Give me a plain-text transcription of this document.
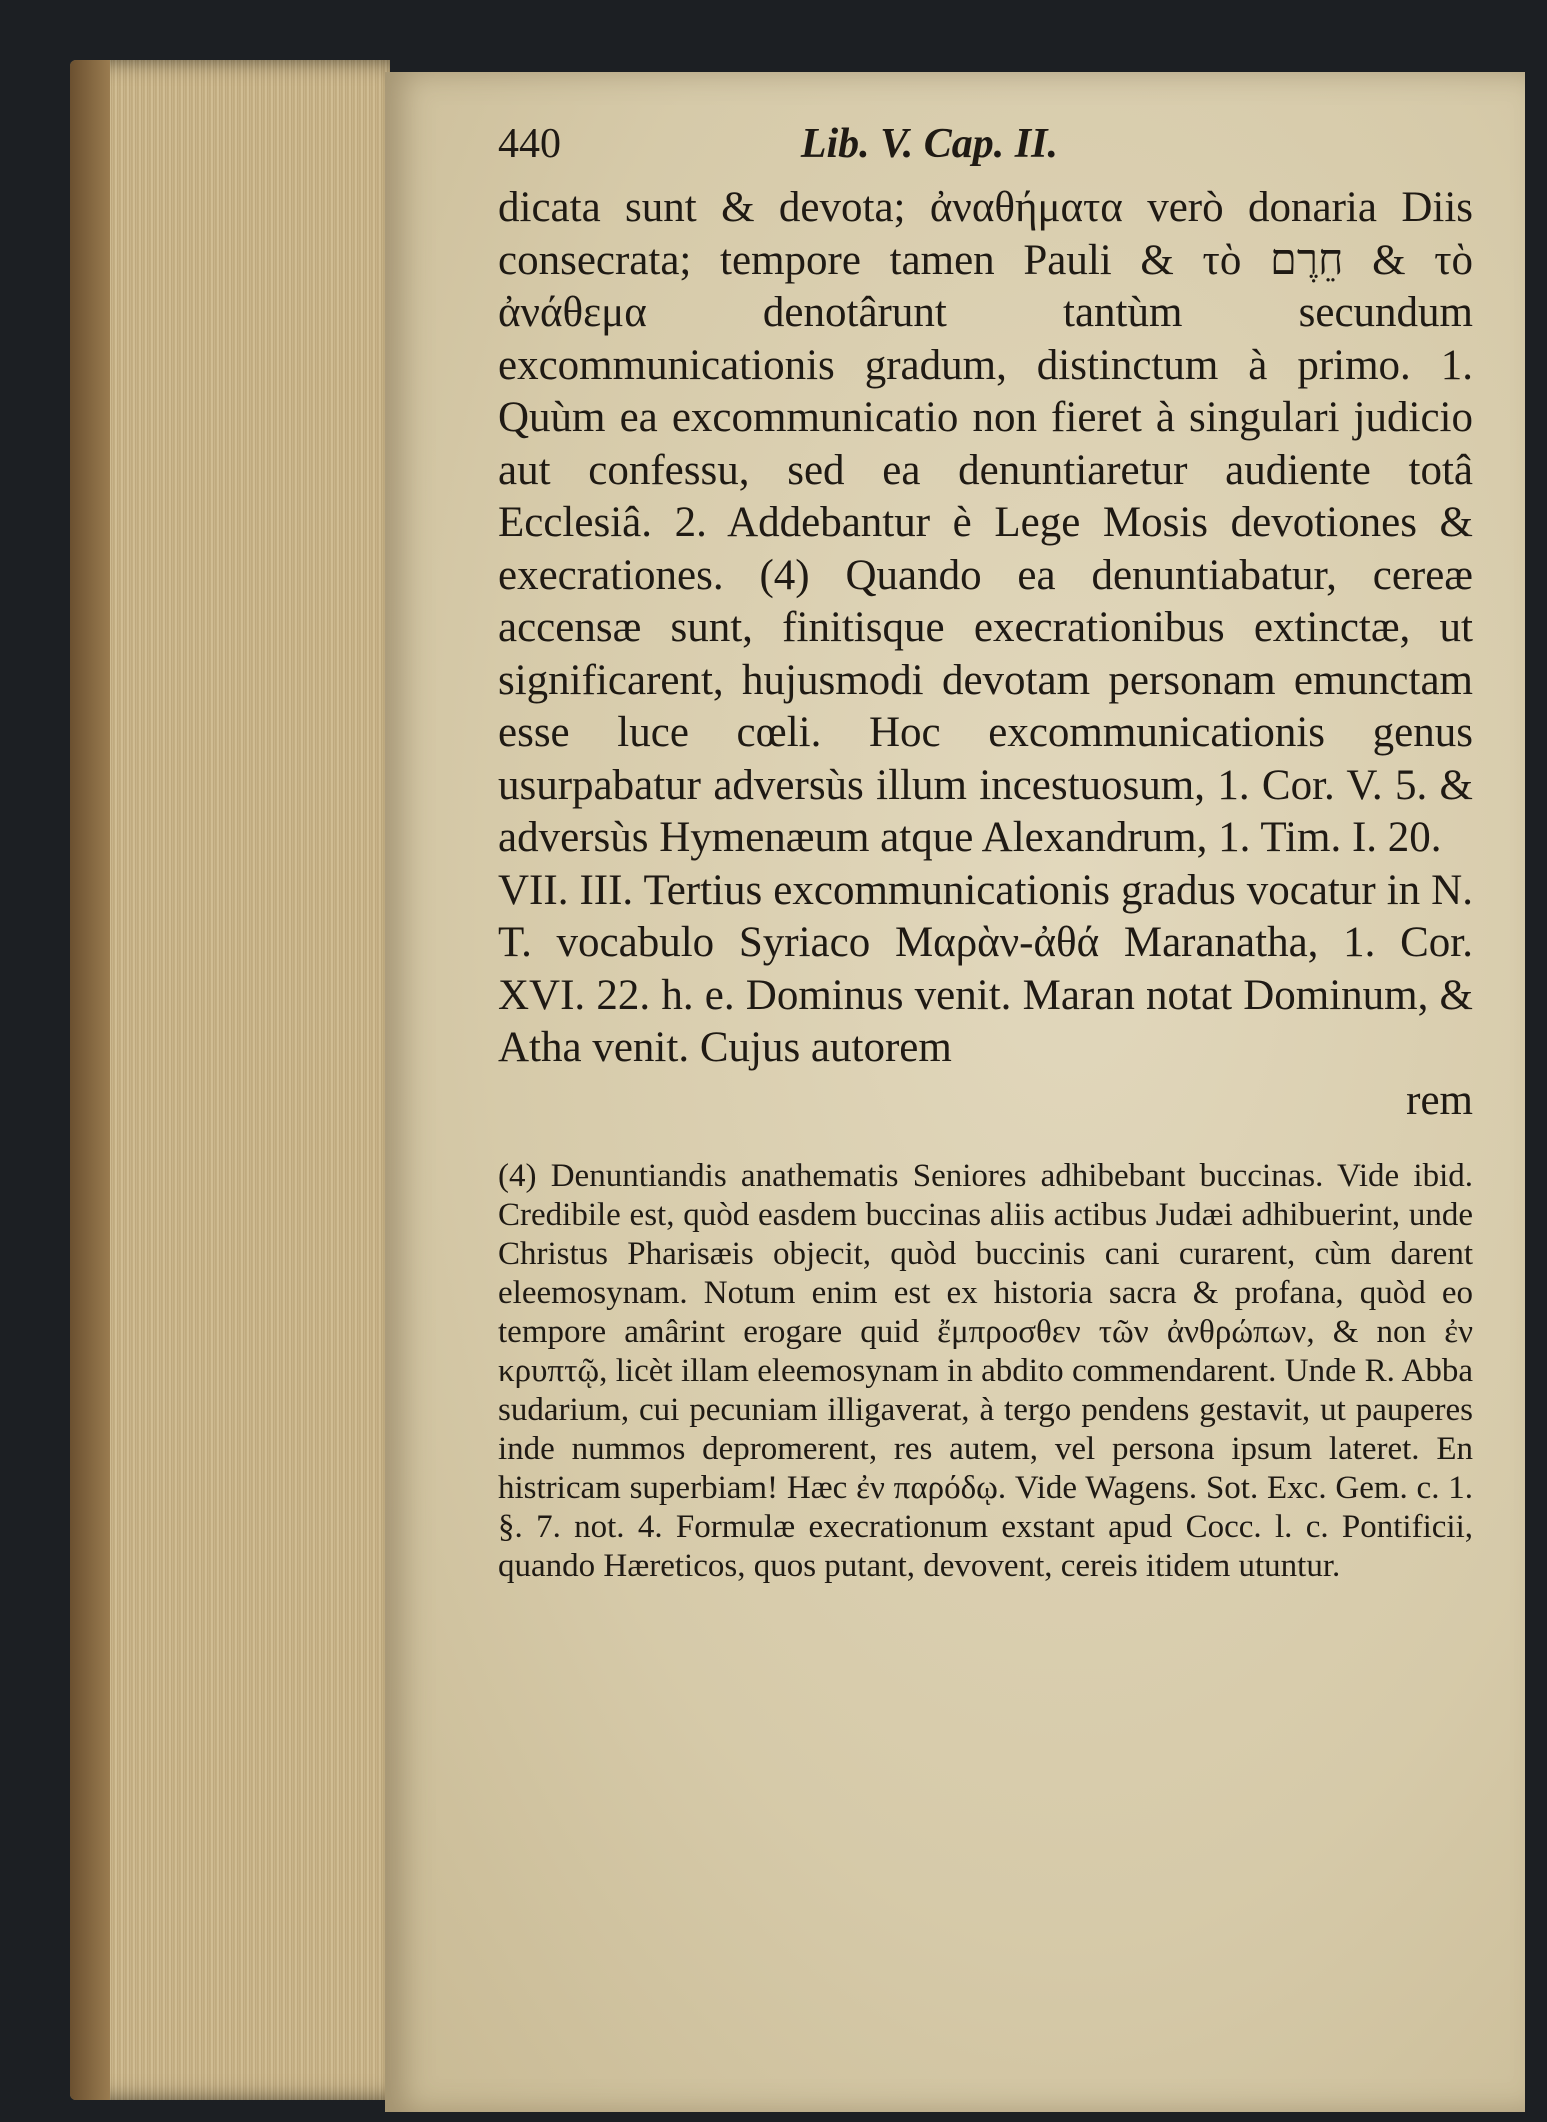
440	Lib. V. Cap. II.

dicata sunt & devota; ἀναθήματα verò donaria Diis consecrata; tempore tamen Pauli & τὸ חֵרֶם & τὸ ἀνάθεμα denotârunt tantùm secundum excommunicationis gradum, distinctum à primo. 1. Quùm ea excommunicatio non fieret à singulari judicio aut confessu, sed ea denuntiaretur audiente totâ Ecclesiâ. 2. Addebantur è Lege Mosis devotiones & execrationes. (4) Quando ea denuntiabatur, cereæ accensæ sunt, finitisque execrationibus extinctæ, ut significarent, hujusmodi devotam personam emunctam esse luce cœli. Hoc excommunicationis genus usurpabatur adversùs illum incestuosum, 1. Cor. V. 5. & adversùs Hymenæum atque Alexandrum, 1. Tim. I. 20.

VII. III. Tertius excommunicationis gradus vocatur in N. T. vocabulo Syriaco Μαρὰν-ἀθά Maranatha, 1. Cor. XVI. 22. h. e. Dominus venit. Maran notat Dominum, & Atha venit. Cujus autorem

rem

(4) Denuntiandis anathematis Seniores adhibebant buccinas. Vide ibid. Credibile est, quòd easdem buccinas aliis actibus Judæi adhibuerint, unde Christus Pharisæis objecit, quòd buccinis cani curarent, cùm darent eleemosynam. Notum enim est ex historia sacra & profana, quòd eo tempore amârint erogare quid ἔμπροσθεν τῶν ἀνθρώπων, & non ἐν κρυπτῷ, licèt illam eleemosynam in abdito commendarent. Unde R. Abba sudarium, cui pecuniam illigaverat, à tergo pendens gestavit, ut pauperes inde nummos depromerent, res autem, vel persona ipsum lateret. En histricam superbiam! Hæc ἐν παρόδῳ. Vide Wagens. Sot. Exc. Gem. c. 1. §. 7. not. 4. Formulæ execrationum exstant apud Cocc. l. c. Pontificii, quando Hæreticos, quos putant, devovent, cereis itidem utuntur.
